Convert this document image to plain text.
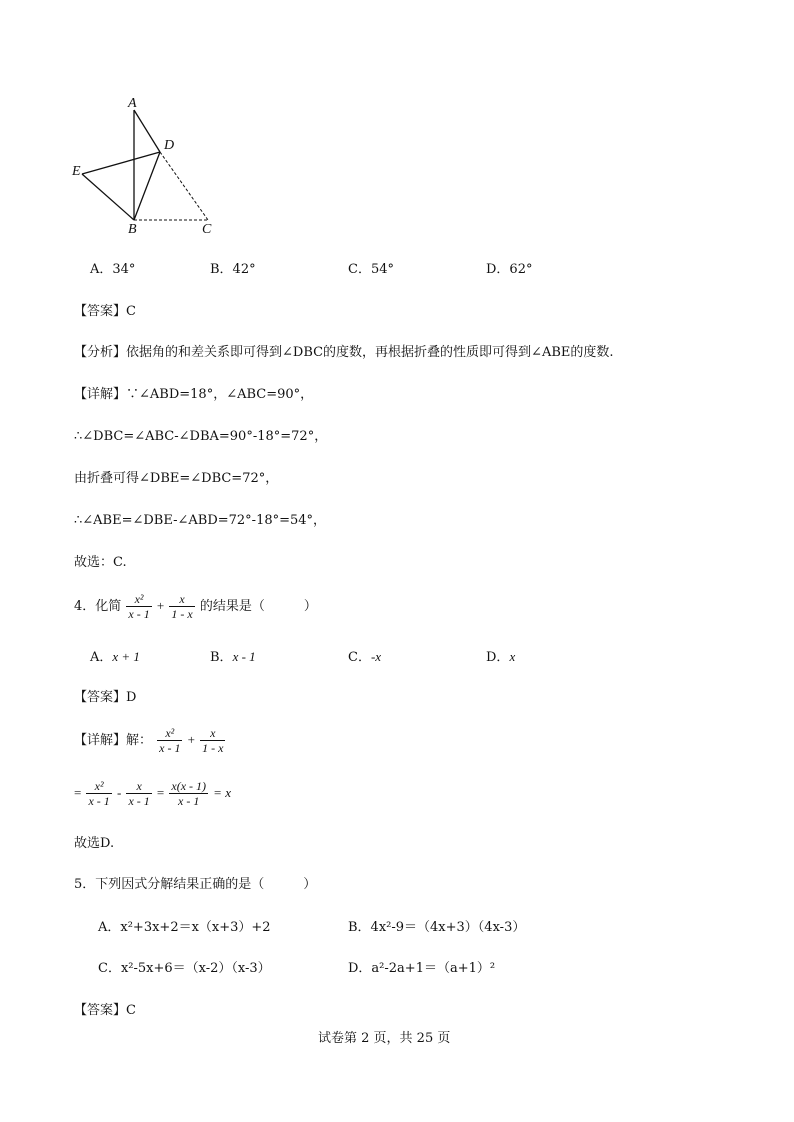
A
D
E
B	C
A．34°	B．42°	C．54°	D．62°
【答案】C
【分析】依据角的和差关系即可得到∠DBC的度数，再根据折叠的性质即可得到∠ABE的度数.
【详解】∵∠ABD=18°，∠ABC=90°，
∴∠DBC=∠ABC-∠DBA=90°-18°=72°，
由折叠可得∠DBE=∠DBC=72°，
∴∠ABE=∠DBE-∠ABD=72°-18°=54°，
故选：C.
4．化简 $\frac{\text{x²}}{x - 1} + \frac{x}{1 - x}$ 的结果是（　　　）
A．x + 1	B．x - 1	C．-x	D．x
【答案】D
【详解】解： $\frac{\text{x²}}{x - 1} + \frac{x}{1 - x}$
= $\frac{\text{x²}}{x - 1} - \frac{x}{x - 1} = \frac{x(x - 1)}{x - 1} = x$
故选D.
5．下列因式分解结果正确的是（　　　）
A．x²+3x+2＝x（x+3）+2	B．4x²-9＝（4x+3）（4x-3）
C．x²-5x+6＝（x-2）（x-3）	D．a²-2a+1＝（a+1）²
【答案】C
试卷第 2 页，共 25 页
